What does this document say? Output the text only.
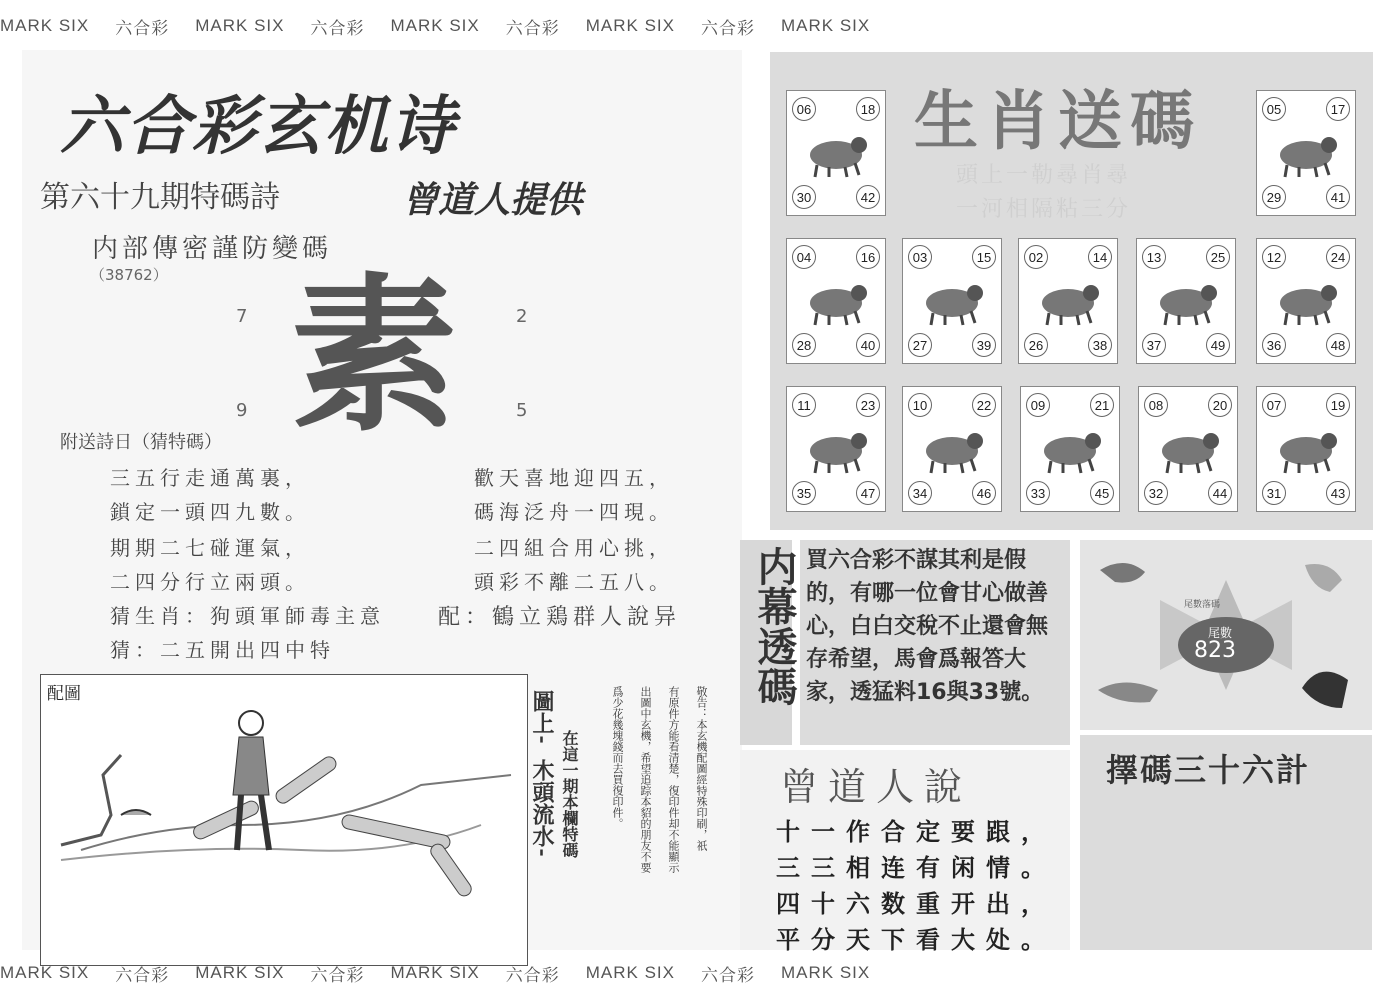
MARK SIX 六合彩 MARK SIX 六合彩 MARK SIX 六合彩 MARK SIX 六合彩 MARK SIX
六合彩玄机诗
第六十九期特碼詩	曾道人提供
内部傳密謹防變碼
（38762）
7	2
9	5
素
附送詩日（猜特碼）
三五行走通萬裏，
鎖定一頭四九數。
期期二七碰運氣，
二四分行立兩頭。
歡天喜地迎四五，
碼海泛舟一四現。
二四組合用心挑，
頭彩不離二五八。
猜生肖：狗頭軍師毒主意 配：鶴立鶏群人說异
猜：二五開出四中特
配圖	圖上'木頭流水' 在這一期本欄特碼	敬告：本玄機配圖經特殊印刷，祇
有原件方能看清楚，復印件却不能顯示
出圖中玄機，希望追踪本貂的朋友不要
爲少花幾塊錢而去買復印件。
生肖送碼
頭上一勒尋肖尋
一河相隔粘三分
06	18
30	42
05	17
29	41
04	16
28	40
03	15
27	39
02	14
26	38
13	25
37	49
12	24
36	48
11	23
35	47
10	22
34	46
09	21
33	45
08	20
32	44
07	19
31	43
内幕透碼 買六合彩不謀其利是假的，有哪一位會甘心做善心，白白交稅不止還會無存希望，馬會爲報答大家，透猛料16與33號。
尾數落碼
尾數
823
曾道人說
十一作合定要跟，
三三相连有闲情。
四十六数重开出，
平分天下看大处。
擇碼三十六計
MARK SIX 六合彩 MARK SIX 六合彩 MARK SIX 六合彩 MARK SIX 六合彩 MARK SIX
